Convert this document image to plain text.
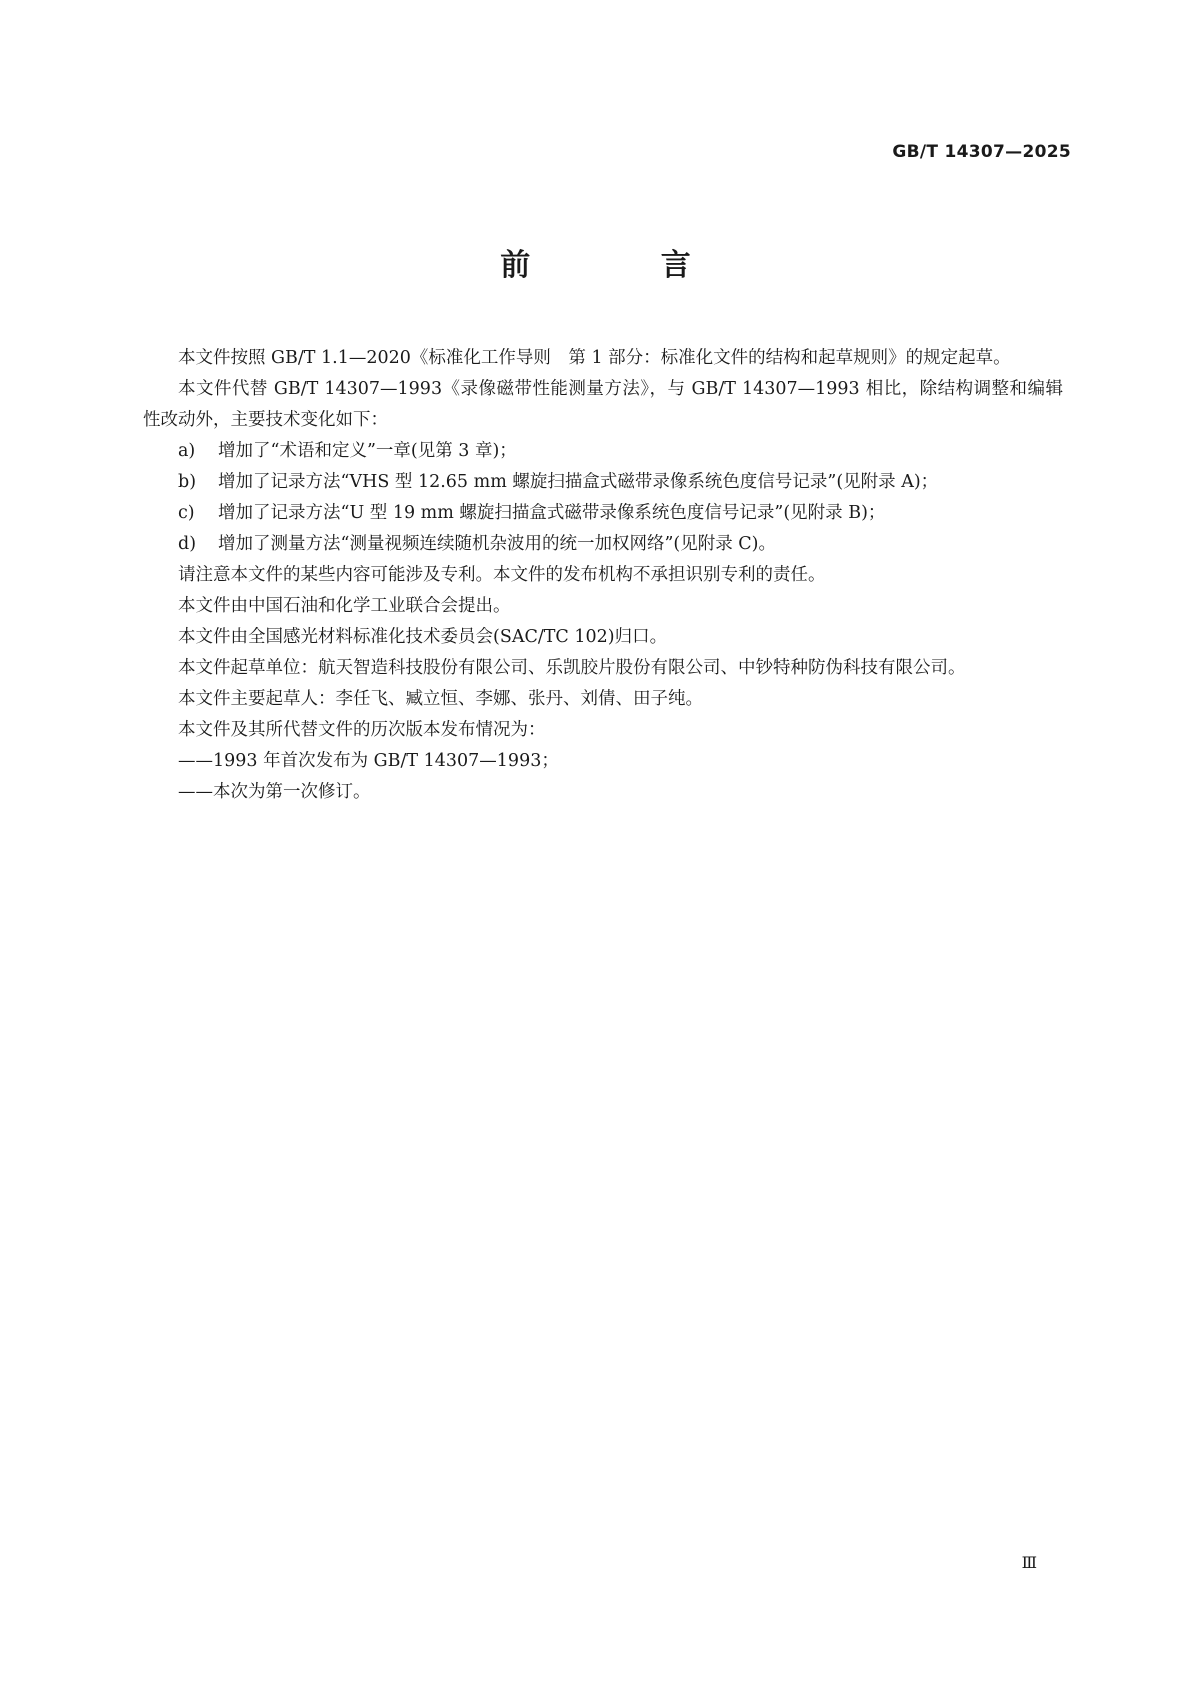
GB/T 14307—2025
前 言

本文件按照 GB/T 1.1—2020《标准化工作导则　第 1 部分：标准化文件的结构和起草规则》的规定起草。

本文件代替 GB/T 14307—1993《录像磁带性能测量方法》，与 GB/T 14307—1993 相比，除结构调整和编辑性改动外，主要技术变化如下：

a)	增加了“术语和定义”一章(见第 3 章)；
b)	增加了记录方法“VHS 型 12.65 mm 螺旋扫描盒式磁带录像系统色度信号记录”(见附录 A)；
c)	增加了记录方法“U 型 19 mm 螺旋扫描盒式磁带录像系统色度信号记录”(见附录 B)；
d)	增加了测量方法“测量视频连续随机杂波用的统一加权网络”(见附录 C)。

请注意本文件的某些内容可能涉及专利。本文件的发布机构不承担识别专利的责任。

本文件由中国石油和化学工业联合会提出。

本文件由全国感光材料标准化技术委员会(SAC/TC 102)归口。

本文件起草单位：航天智造科技股份有限公司、乐凯胶片股份有限公司、中钞特种防伪科技有限公司。

本文件主要起草人：李任飞、臧立恒、李娜、张丹、刘倩、田子纯。

本文件及其所代替文件的历次版本发布情况为：

——1993 年首次发布为 GB/T 14307—1993；

——本次为第一次修订。

Ⅲ
